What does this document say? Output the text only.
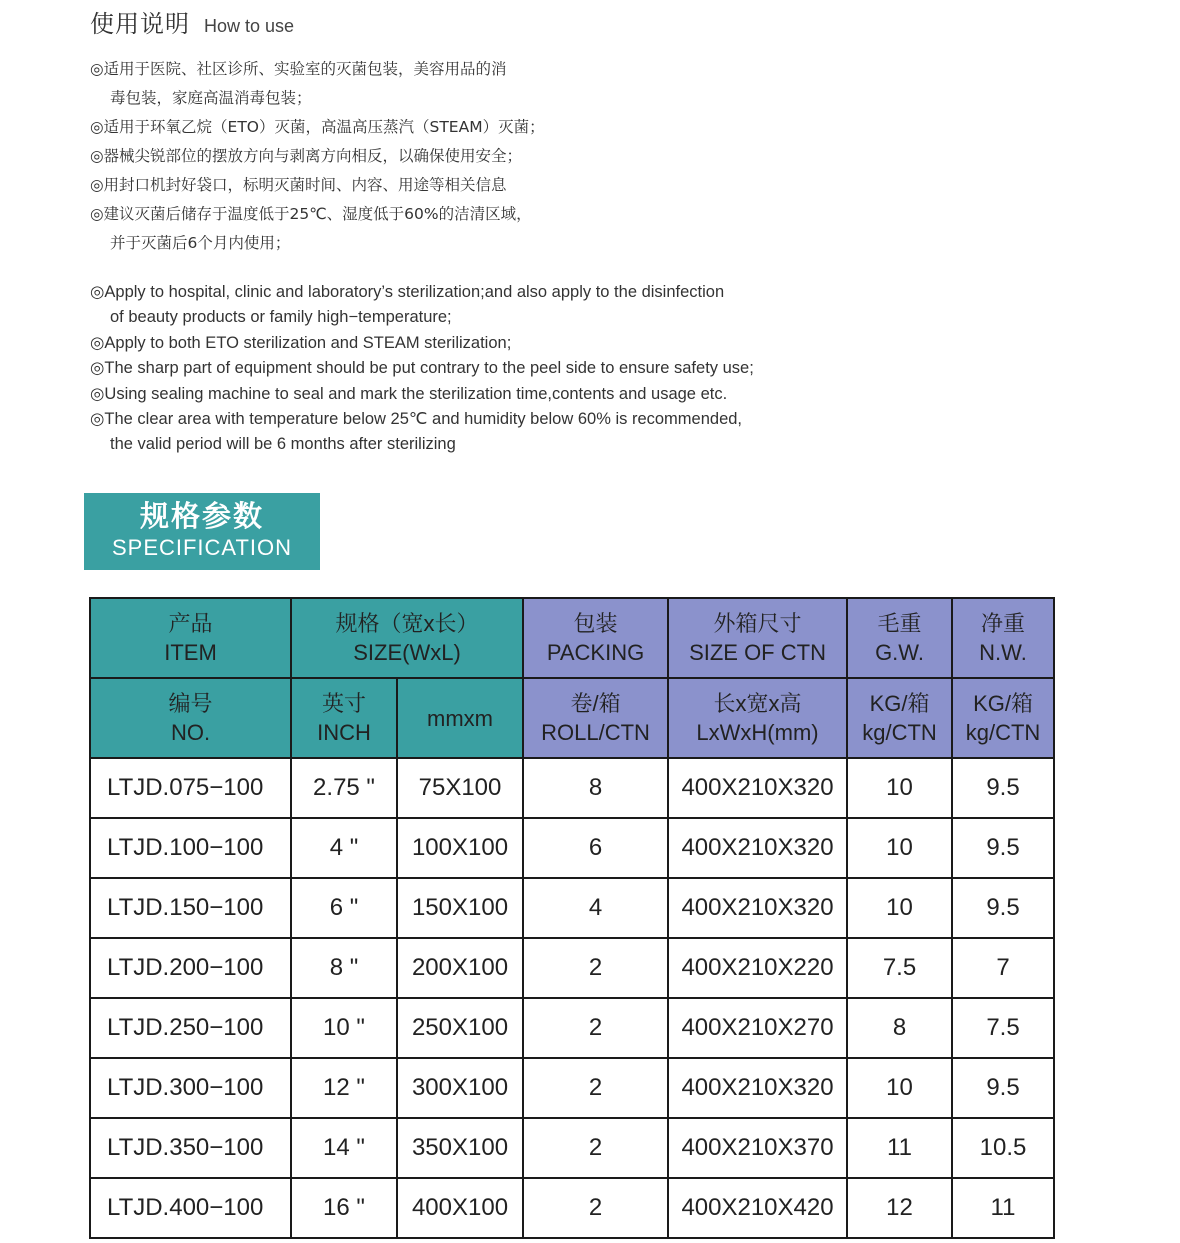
使用说明 How to use
◎适用于医院、社区诊所、实验室的灭菌包装，美容用品的消
毒包装，家庭高温消毒包装；
◎适用于环氧乙烷（ETO）灭菌，高温高压蒸汽（STEAM）灭菌；
◎器械尖锐部位的摆放方向与剥离方向相反，以确保使用安全；
◎用封口机封好袋口，标明灭菌时间、内容、用途等相关信息
◎建议灭菌后储存于温度低于25℃、湿度低于60%的洁清区域，
并于灭菌后6个月内使用；
◎Apply to hospital, clinic and laboratory’s sterilization;and also apply to the disinfection
of beauty products or family high−temperature;
◎Apply to both ETO sterilization and STEAM sterilization;
◎The sharp part of equipment should be put contrary to the peel side to ensure safety use;
◎Using sealing machine to seal and mark the sterilization time,contents and usage etc.
◎The clear area with temperature below 25℃ and humidity below 60% is recommended,
the valid period will be 6 months after sterilizing
规格参数
SPECIFICATION
产品
ITEM	规格（宽x长）
SIZE(WxL)		包装
PACKING	外箱尺寸
SIZE OF CTN	毛重
G.W.	净重
N.W.
编号
NO.	英寸
INCH	mmxm	卷/箱
ROLL/CTN	长x宽x高
LxWxH(mm)	KG/箱
kg/CTN	KG/箱
kg/CTN
LTJD.075−100	2.75 "	75X100	8	400X210X320	10	9.5
LTJD.100−100	4 "	100X100	6	400X210X320	10	9.5
LTJD.150−100	6 "	150X100	4	400X210X320	10	9.5
LTJD.200−100	8 "	200X100	2	400X210X220	7.5	7
LTJD.250−100	10 "	250X100	2	400X210X270	8	7.5
LTJD.300−100	12 "	300X100	2	400X210X320	10	9.5
LTJD.350−100	14 "	350X100	2	400X210X370	11	10.5
LTJD.400−100	16 "	400X100	2	400X210X420	12	11
